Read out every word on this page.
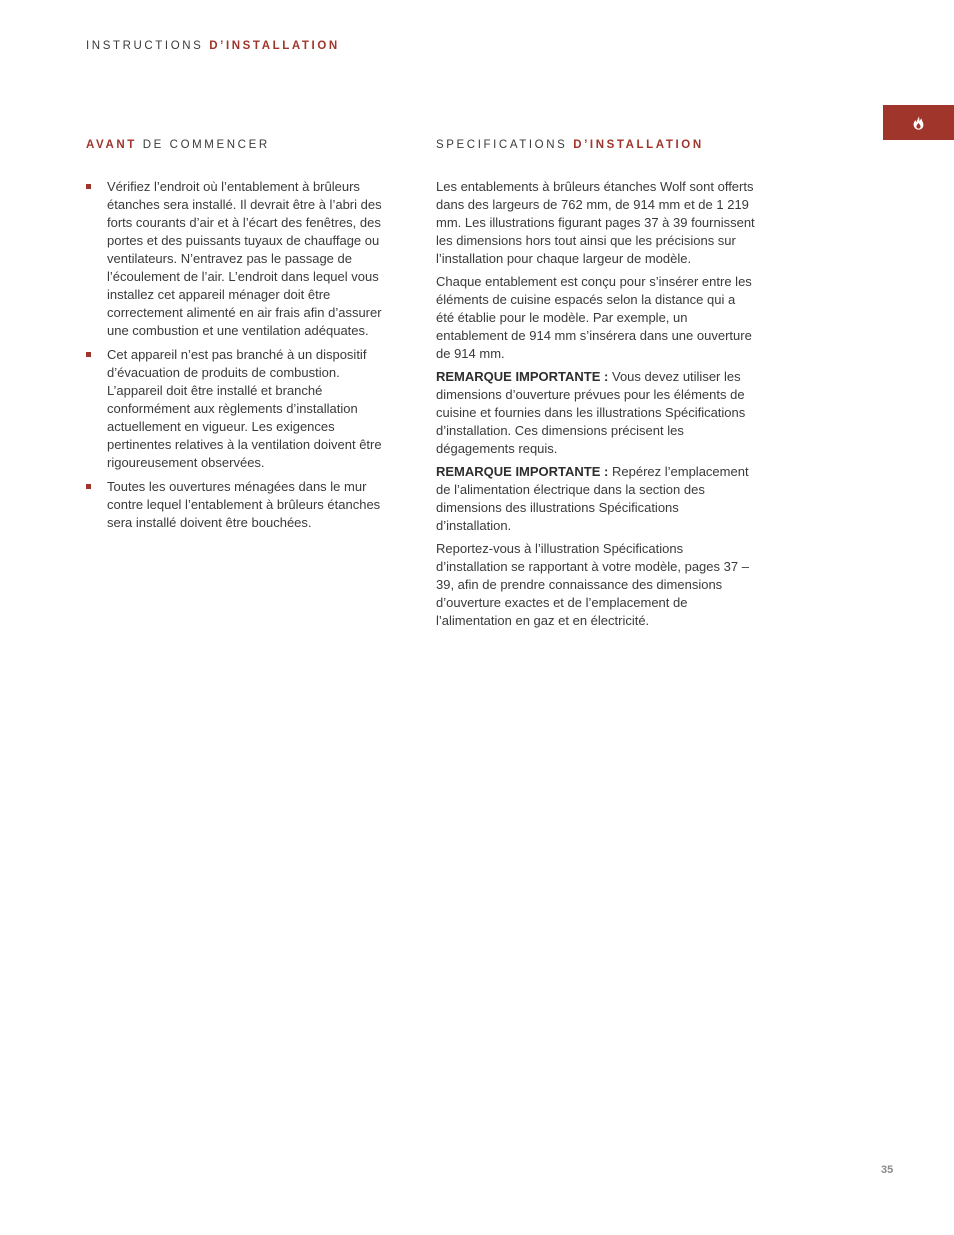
INSTRUCTIONS D’INSTALLATION
AVANT DE COMMENCER	SPECIFICATIONS D’INSTALLATION
Vérifiez l’endroit où l’entablement à brûleurs étanches sera installé. Il devrait être à l’abri des forts courants d’air et à l’écart des fenêtres, des portes et des puissants tuyaux de chauffage ou ventilateurs. N’entravez pas le passage de l’écoulement de l’air. L’endroit dans lequel vous installez cet appareil ménager doit être correctement alimenté en air frais afin d’assurer une combustion et une ventilation adéquates.
Cet appareil n’est pas branché à un dispositif d’évacuation de produits de combustion. L’appareil doit être installé et branché conformément aux règlements d’installation actuellement en vigueur. Les exigences pertinentes relatives à la ventilation doivent être rigoureusement observées.
Toutes les ouvertures ménagées dans le mur contre lequel l’entablement à brûleurs étanches sera installé doivent être bouchées.

Les entablements à brûleurs étanches Wolf sont offerts dans des largeurs de 762 mm, de 914 mm et de 1 219 mm. Les illustrations figurant pages 37 à 39 fournissent les dimensions hors tout ainsi que les précisions sur l’installation pour chaque largeur de modèle.

Chaque entablement est conçu pour s’insérer entre les éléments de cuisine espacés selon la distance qui a été établie pour le modèle. Par exemple, un entablement de 914 mm s’insérera dans une ouverture de 914 mm.

REMARQUE IMPORTANTE : Vous devez utiliser les dimensions d’ouverture prévues pour les éléments de cuisine et fournies dans les illustrations Spécifications d’installation. Ces dimensions précisent les dégagements requis.

REMARQUE IMPORTANTE : Repérez l’emplacement de l’alimentation électrique dans la section des dimensions des illustrations Spécifications d’installation.

Reportez-vous à l’illustration Spécifications d’installation se rapportant à votre modèle, pages 37 – 39, afin de prendre connaissance des dimensions d’ouverture exactes et de l’emplacement de l’alimentation en gaz et en électricité.

35
